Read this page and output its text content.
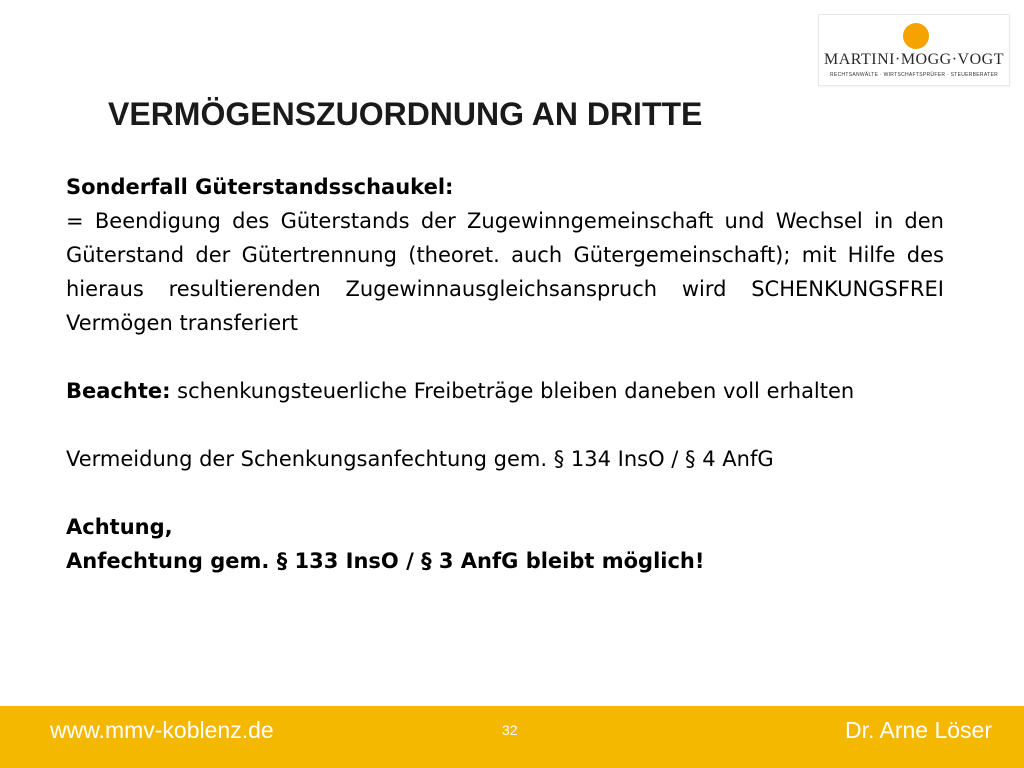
MARTINI·MOGG·VOGT
RECHTSANWÄLTE · WIRTSCHAFTSPRÜFER · STEUERBERATER
VERMÖGENSZUORDNUNG AN DRITTE

Sonderfall Güterstandsschaukel:

= Beendigung des Güterstands der Zugewinngemeinschaft und Wechsel in den Güterstand der Gütertrennung (theoret. auch Gütergemeinschaft); mit Hilfe des hieraus resultierenden Zugewinnausgleichsanspruch wird SCHENKUNGSFREI Vermögen transferiert

Beachte: schenkungsteuerliche Freibeträge bleiben daneben voll erhalten

Vermeidung der Schenkungsanfechtung gem. § 134 InsO / § 4 AnfG

Achtung,

Anfechtung gem. § 133 InsO / § 3 AnfG bleibt möglich!

www.mmv-koblenz.de	32	Dr. Arne Löser
